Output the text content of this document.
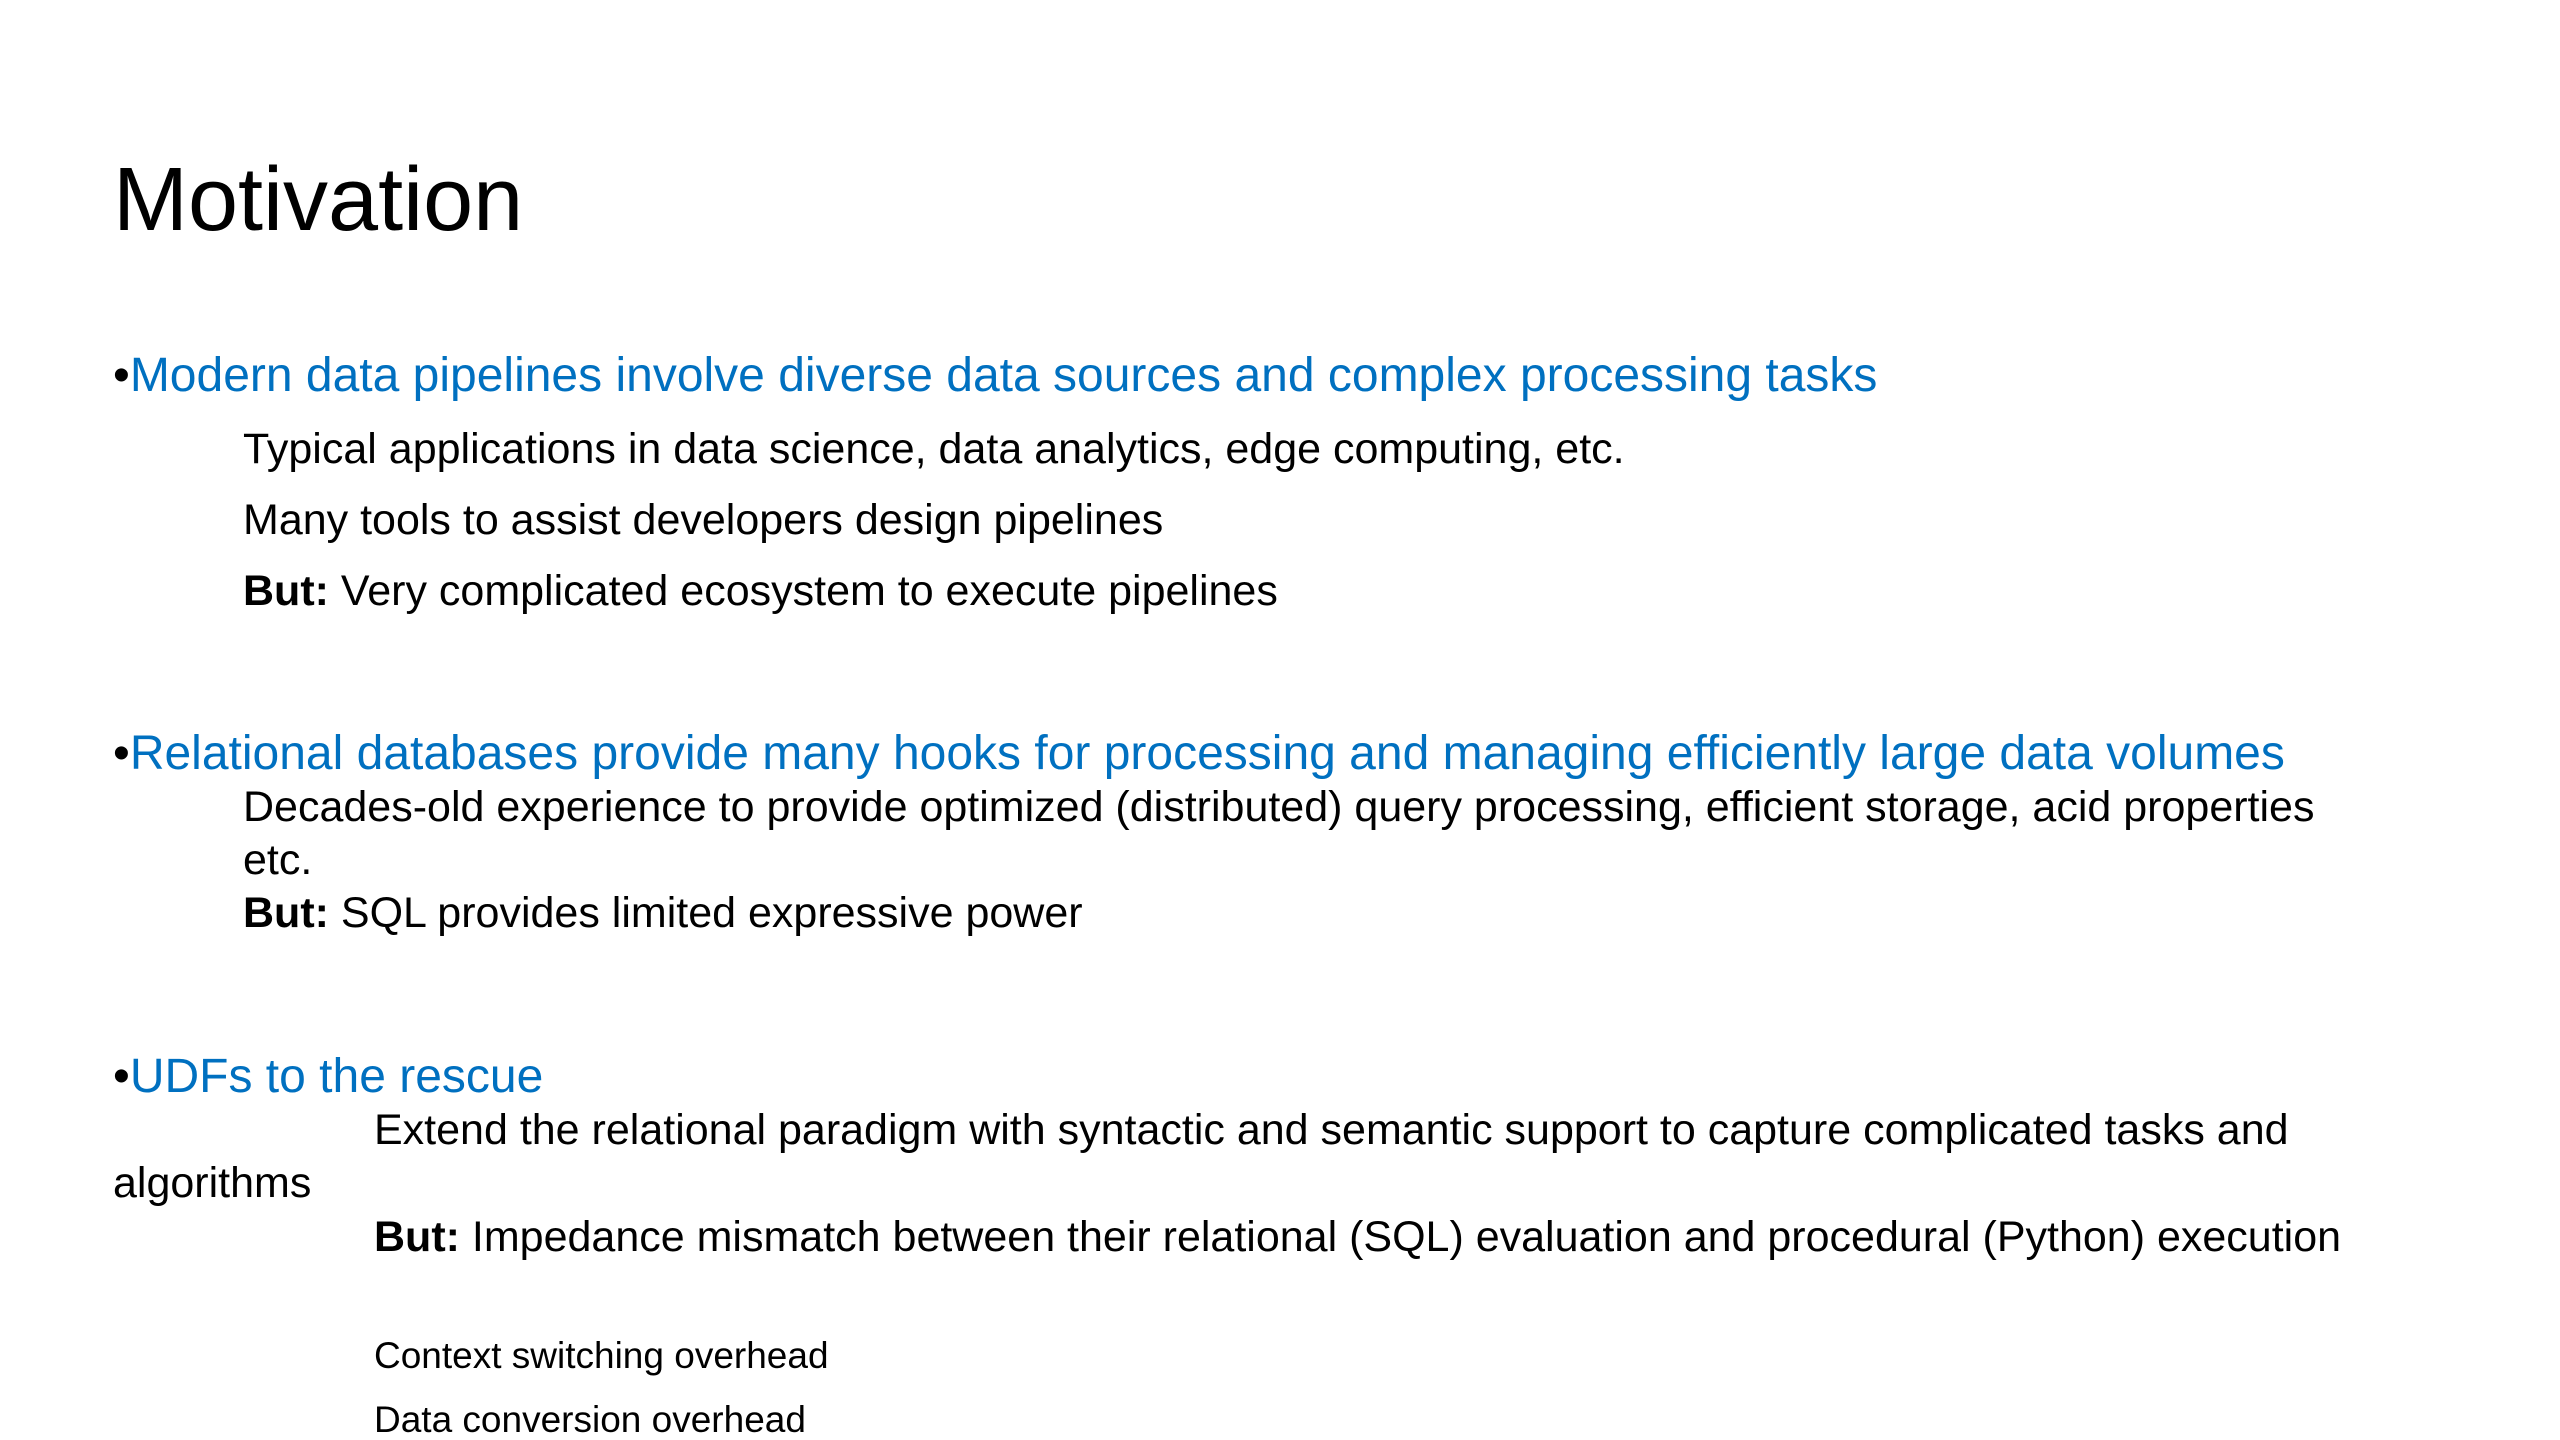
Motivation
•Modern data pipelines involve diverse data sources and complex processing tasks
Typical applications in data science, data analytics, edge computing, etc.
Many tools to assist developers design pipelines
But: Very complicated ecosystem to execute pipelines
•Relational databases provide many hooks for processing and managing efficiently large data volumes
Decades-old experience to provide optimized (distributed) query processing, efficient storage, acid properties etc.
But: SQL provides limited expressive power
•UDFs to the rescue
Extend the relational paradigm with syntactic and semantic support to capture complicated tasks and algorithms
But: Impedance mismatch between their relational (SQL) evaluation and procedural (Python) execution
Context switching overhead
Data conversion overhead
